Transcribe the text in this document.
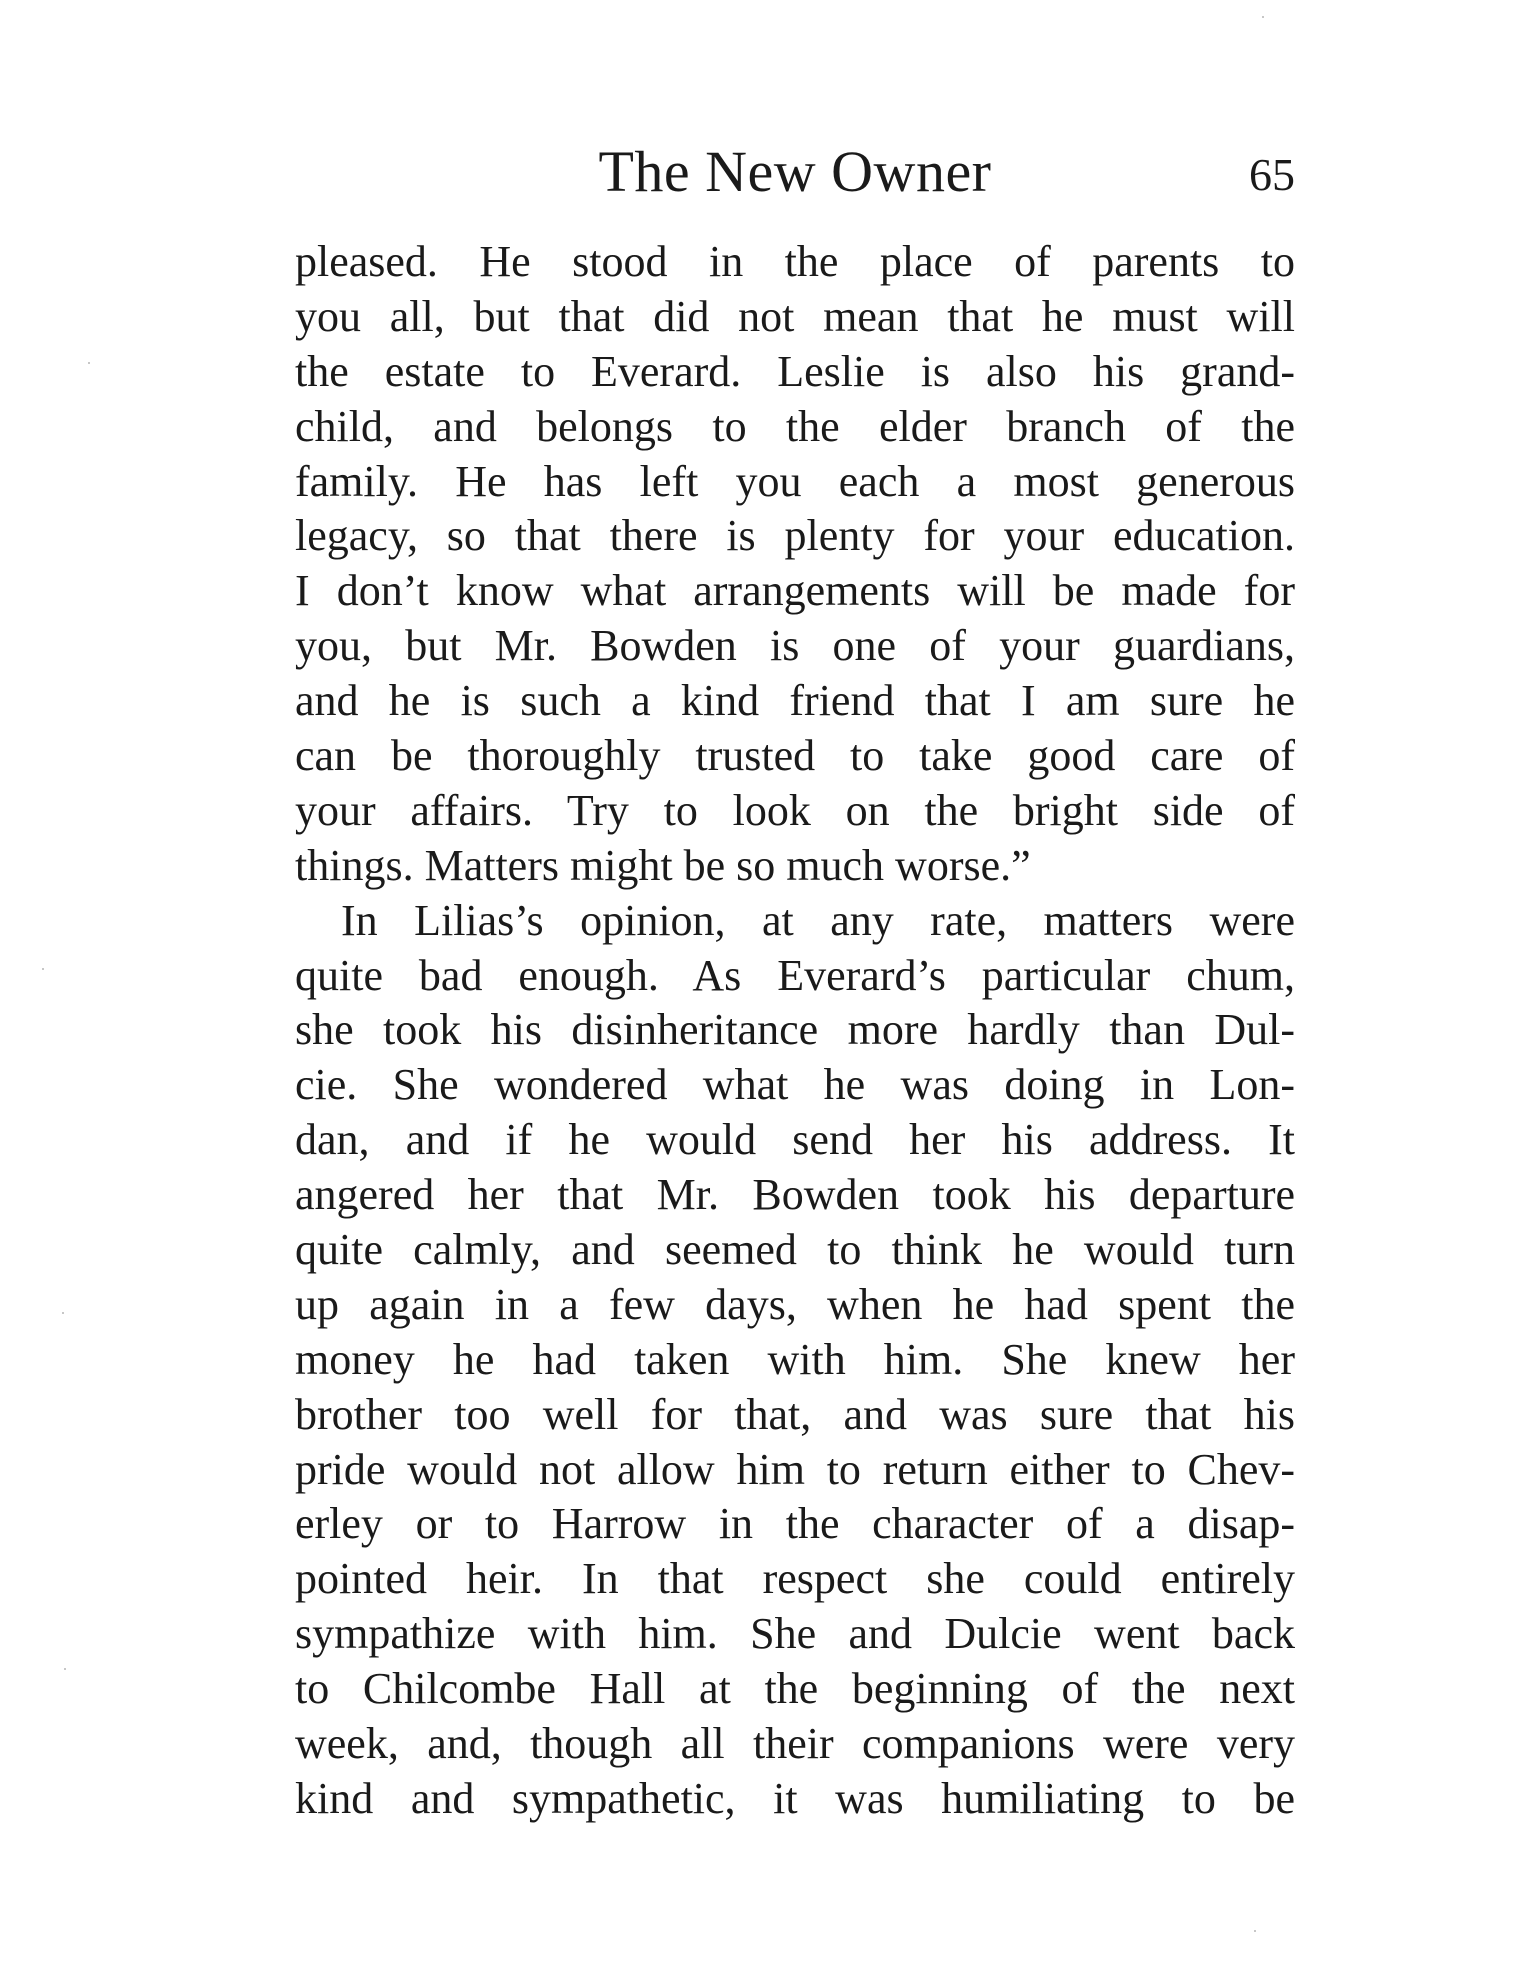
The New Owner	65
pleased. He stood in the place of parents to
you all, but that did not mean that he must will
the estate to Everard. Leslie is also his grand-
child, and belongs to the elder branch of the
family. He has left you each a most generous
legacy, so that there is plenty for your education.
I don’t know what arrangements will be made for
you, but Mr. Bowden is one of your guardians,
and he is such a kind friend that I am sure he
can be thoroughly trusted to take good care of
your affairs. Try to look on the bright side of
things. Matters might be so much worse.”
In Lilias’s opinion, at any rate, matters were
quite bad enough. As Everard’s particular chum,
she took his disinheritance more hardly than Dul-
cie. She wondered what he was doing in Lon-
dan, and if he would send her his address. It
angered her that Mr. Bowden took his departure
quite calmly, and seemed to think he would turn
up again in a few days, when he had spent the
money he had taken with him. She knew her
brother too well for that, and was sure that his
pride would not allow him to return either to Chev-
erley or to Harrow in the character of a disap-
pointed heir. In that respect she could entirely
sympathize with him. She and Dulcie went back
to Chilcombe Hall at the beginning of the next
week, and, though all their companions were very
kind and sympathetic, it was humiliating to be
